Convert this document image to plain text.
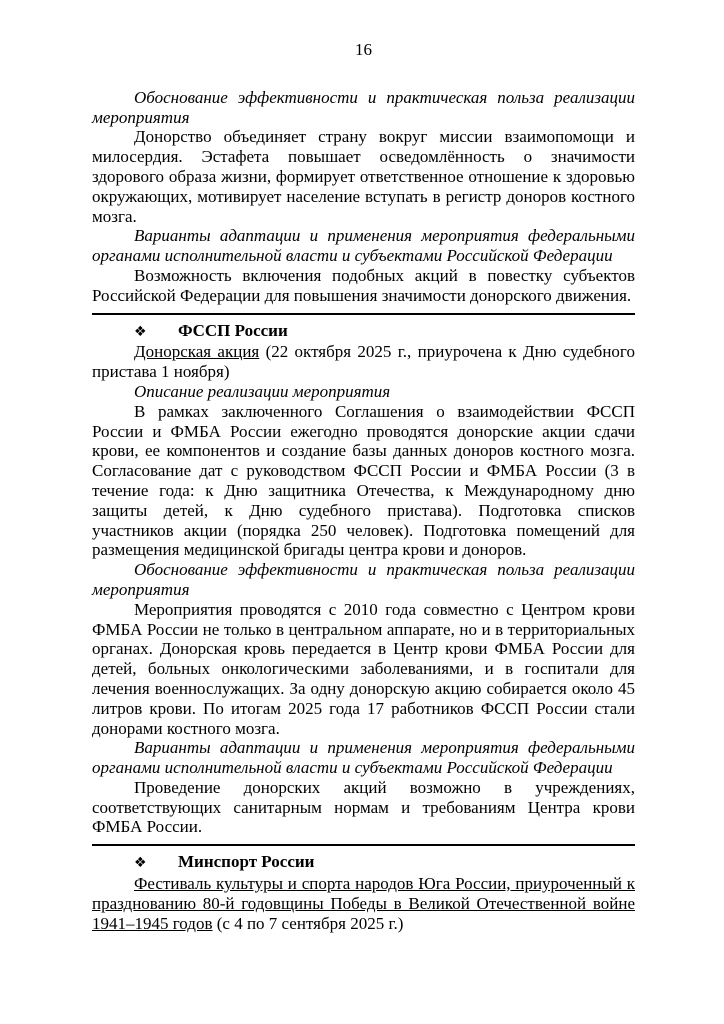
16

Обоснование эффективности и практическая польза реализации мероприятия

Донорство объединяет страну вокруг миссии взаимопомощи и милосердия. Эстафета повышает осведомлённость о значимости здорового образа жизни, формирует ответственное отношение к здоровью окружающих, мотивирует население вступать в регистр доноров костного мозга.

Варианты адаптации и применения мероприятия федеральными органами исполнительной власти и субъектами Российской Федерации

Возможность включения подобных акций в повестку субъектов Российской Федерации для повышения значимости донорского движения.

❖ ФССП России

Донорская акция (22 октября 2025 г., приурочена к Дню судебного пристава 1 ноября)

Описание реализации мероприятия

В рамках заключенного Соглашения о взаимодействии ФССП России и ФМБА России ежегодно проводятся донорские акции сдачи крови, ее компонентов и создание базы данных доноров костного мозга. Согласование дат с руководством ФССП России и ФМБА России (3 в течение года: к Дню защитника Отечества, к Международному дню защиты детей, к Дню судебного пристава). Подготовка списков участников акции (порядка 250 человек). Подготовка помещений для размещения медицинской бригады центра крови и доноров.

Обоснование эффективности и практическая польза реализации мероприятия

Мероприятия проводятся с 2010 года совместно с Центром крови ФМБА России не только в центральном аппарате, но и в территориальных органах. Донорская кровь передается в Центр крови ФМБА России для детей, больных онкологическими заболеваниями, и в госпитали для лечения военнослужащих. За одну донорскую акцию собирается около 45 литров крови. По итогам 2025 года 17 работников ФССП России стали донорами костного мозга.

Варианты адаптации и применения мероприятия федеральными органами исполнительной власти и субъектами Российской Федерации

Проведение донорских акций возможно в учреждениях, соответствующих санитарным нормам и требованиям Центра крови ФМБА России.

❖ Минспорт России

Фестиваль культуры и спорта народов Юга России, приуроченный к празднованию 80-й годовщины Победы в Великой Отечественной войне 1941–1945 годов (с 4 по 7 сентября 2025 г.)
